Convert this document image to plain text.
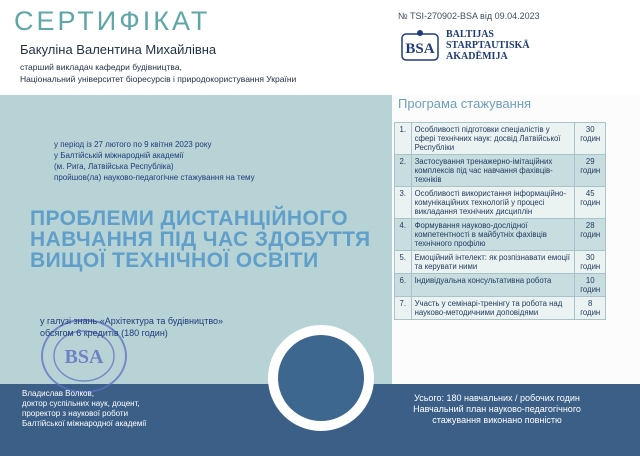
СЕРТИФІКАТ	№ TSI-270902-BSA від 09.04.2023
BSA
BALTIJAS
STARPTAUTISKĀ
AKADĒMIJA
Бакуліна Валентина Михайлівна
старший викладач кафедри будівництва,
Національний університет біоресурсів і природокористування України
Програма стажування
у період із 27 лютого по 9 квітня 2023 року
у Балтійській міжнародній академії
(м. Рига, Латвійська Республіка)
пройшов(ла) науково-педагогічне стажування на тему
ПРОБЛЕМИ ДИСТАНЦІЙНОГО
НАВЧАННЯ ПІД ЧАС ЗДОБУТТЯ
ВИЩОЇ ТЕХНІЧНОЇ ОСВІТИ
BSA
у галузі знань «Архітектура та будівництво»
обсягом 6 кредитів (180 годин)
Владислав Волков,
доктор суспільних наук, доцент,
проректор з наукової роботи
Балтійської міжнародної академії
1.	Особливості підготовки спеціалістів у сфері технічних наук: досвід Латвійської Республіки	30 годин
2.	Застосування тренажерно-імітаційних комплексів під час навчання фахівців-техніків	29 годин
3.	Особливості використання інформаційно-комунікаційних технологій у процесі викладання технічних дисциплін	45 годин
4.	Формування науково-дослідної компетентності в майбутніх фахівців технічного профілю	28 годин
5.	Емоційний інтелект: як розпізнавати емоції та керувати ними	30 годин
6.	Індивідуальна консультативна робота	10 годин
7.	Участь у семінарі-тренінгу та робота над науково-методичними доповідями	8 годин
Усього: 180 навчальних / робочих годин
Навчальний план науково-педагогічного
стажування виконано повністю
